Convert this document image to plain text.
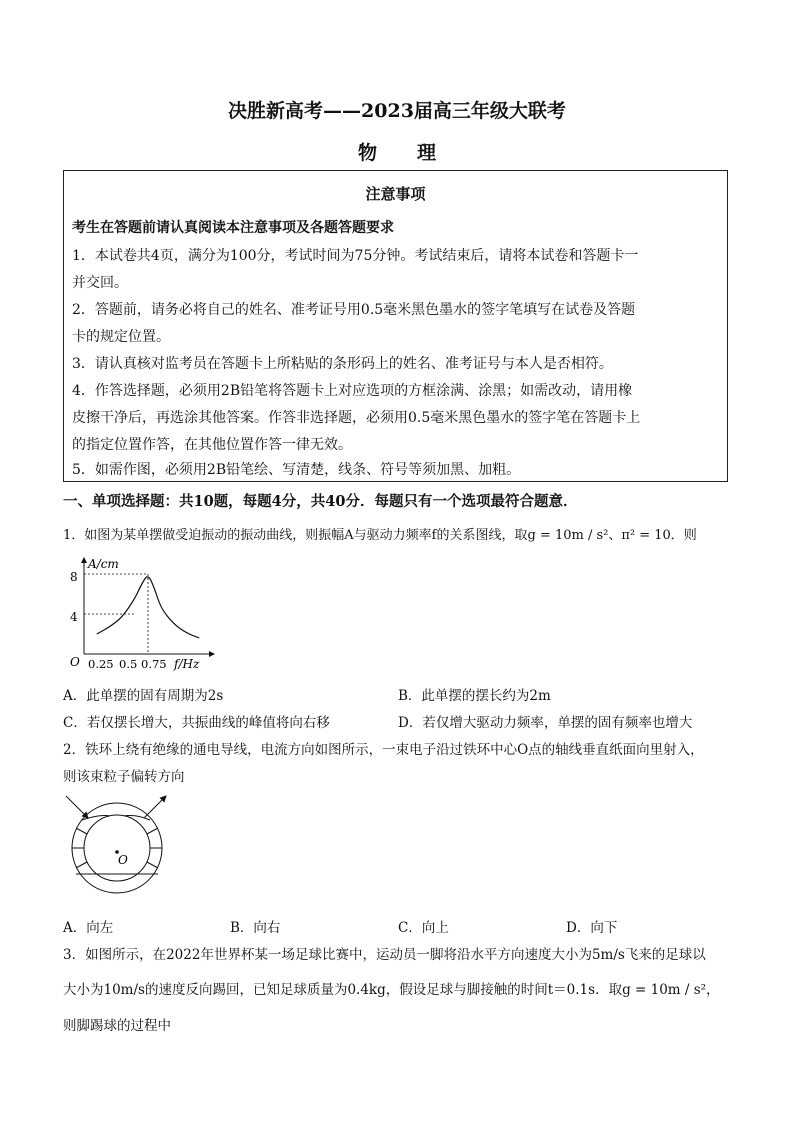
决胜新高考——2023届高三年级大联考
物 理
注意事项
考生在答题前请认真阅读本注意事项及各题答题要求
1．本试卷共4页，满分为100分，考试时间为75分钟。考试结束后，请将本试卷和答题卡一
并交回。
2．答题前，请务必将自己的姓名、准考证号用0.5毫米黑色墨水的签字笔填写在试卷及答题
卡的规定位置。
3．请认真核对监考员在答题卡上所粘贴的条形码上的姓名、准考证号与本人是否相符。
4．作答选择题，必须用2B铅笔将答题卡上对应选项的方框涂满、涂黑；如需改动，请用橡
皮擦干净后，再选涂其他答案。作答非选择题，必须用0.5毫米黑色墨水的签字笔在答题卡上
的指定位置作答，在其他位置作答一律无效。
5．如需作图，必须用2B铅笔绘、写清楚，线条、符号等须加黑、加粗。
一、单项选择题：共10题，每题4分，共40分．每题只有一个选项最符合题意．
1．如图为某单摆做受迫振动的振动曲线，则振幅A与驱动力频率f的关系图线，取g = 10m / s²、π² = 10．则
A/cm
f/Hz
O
8
4
0.25 0.5 0.75
A．此单摆的固有周期为2s	B．此单摆的摆长约为2m
C．若仅摆长增大，共振曲线的峰值将向右移	D．若仅增大驱动力频率，单摆的固有频率也增大
2．铁环上绕有绝缘的通电导线，电流方向如图所示，一束电子沿过铁环中心O点的轴线垂直纸面向里射入，
则该束粒子偏转方向
O
A．向左	B．向右	C．向上	D．向下
3．如图所示，在2022年世界杯某一场足球比赛中，运动员一脚将沿水平方向速度大小为5m/s飞来的足球以
大小为10m/s的速度反向踢回，已知足球质量为0.4kg，假设足球与脚接触的时间t＝0.1s．取g = 10m / s²，
则脚踢球的过程中
